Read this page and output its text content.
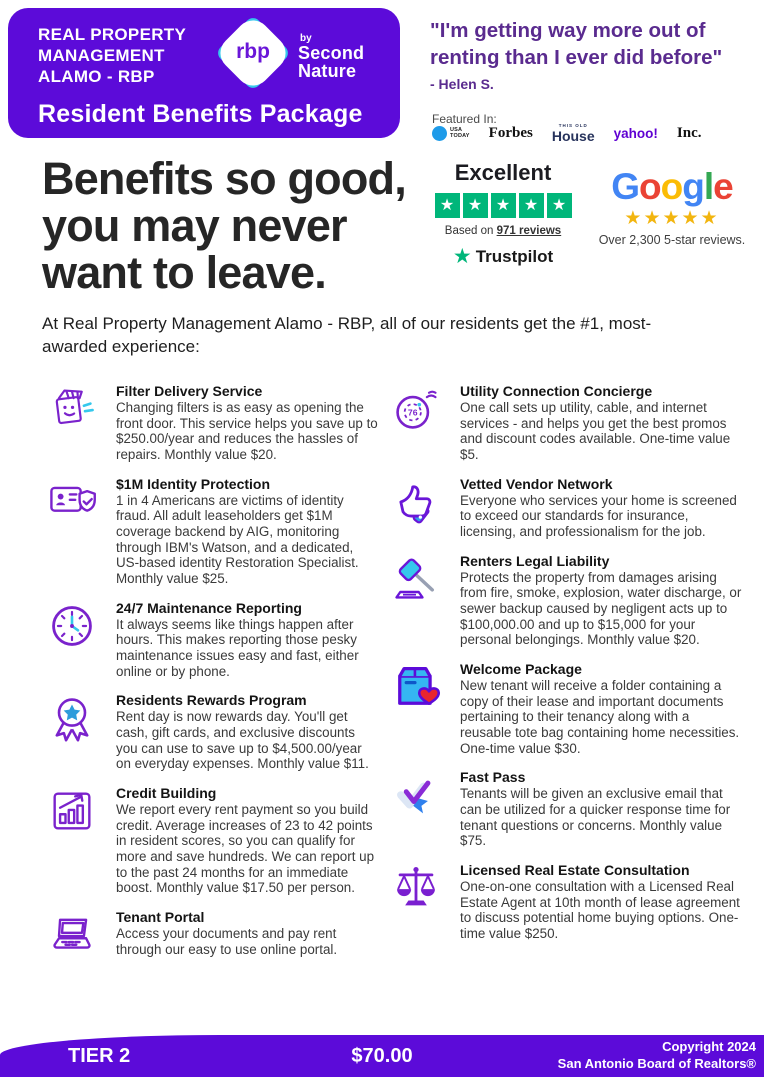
REAL PROPERTY
MANAGEMENT
ALAMO - RBP
rbp
by
Second
Nature
Resident Benefits Package
"I'm getting way more out of renting than I ever did before"
- Helen S.
Featured In:
USA
TODAY Forbes	THIS OLD
House yahoo! Inc.
Excellent
★
★
★
★
★
Based on 971 reviews
★ Trustpilot
Google
★★★★★
Over 2,300 5-star reviews.
Benefits so good,
you may never
want to leave.
At Real Property Management Alamo - RBP, all of our residents get the #1, most-awarded experience:
Filter Delivery Service

Changing filters is as easy as opening the front door. This service helps you save up to $250.00/year and reduces the hassles of repairs. Monthly value $20.

$1M Identity Protection

1 in 4 Americans are victims of identity fraud. All adult leaseholders get $1M coverage backend by AIG, monitoring through IBM's Watson, and a dedicated, US-based identity Restoration Specialist. Monthly value $25.

24/7 Maintenance Reporting

It always seems like things happen after hours. This makes reporting those pesky maintenance issues easy and fast, either online or by phone.

Residents Rewards Program

Rent day is now rewards day. You'll get cash, gift cards, and exclusive discounts you can use to save up to $4,500.00/year on everyday expenses. Monthly value $11.

Credit Building

We report every rent payment so you build credit. Average increases of 23 to 42 points in resident scores, so you can qualify for more and save hundreds. We can report up to the past 24 months for an immediate boost. Monthly value $17.50 per person.

Tenant Portal

Access your documents and pay rent through our easy to use online portal.

76
Utility Connection Concierge

One call sets up utility, cable, and internet services - and helps you get the best promos and discount codes available. One-time value $5.

Vetted Vendor Network

Everyone who services your home is screened to exceed our standards for insurance, licensing, and professionalism for the job.

Renters Legal Liability

Protects the property from damages arising from fire, smoke, explosion, water discharge, or sewer backup caused by negligent acts up to $100,000.00 and up to $15,000 for your personal belongings. Monthly value $20.

Welcome Package

New tenant will receive a folder containing a copy of their lease and important documents pertaining to their tenancy along with a reusable tote bag containing home necessities. One-time value $30.

Fast Pass

Tenants will be given an exclusive email that can be utilized for a quicker response time for tenant questions or concerns. Monthly value $75.

Licensed Real Estate Consultation

One-on-one consultation with a Licensed Real Estate Agent at 10th month of lease agreement to discuss potential home buying options. One-time value $250.

TIER 2	$70.00	Copyright 2024
San Antonio Board of Realtors®
